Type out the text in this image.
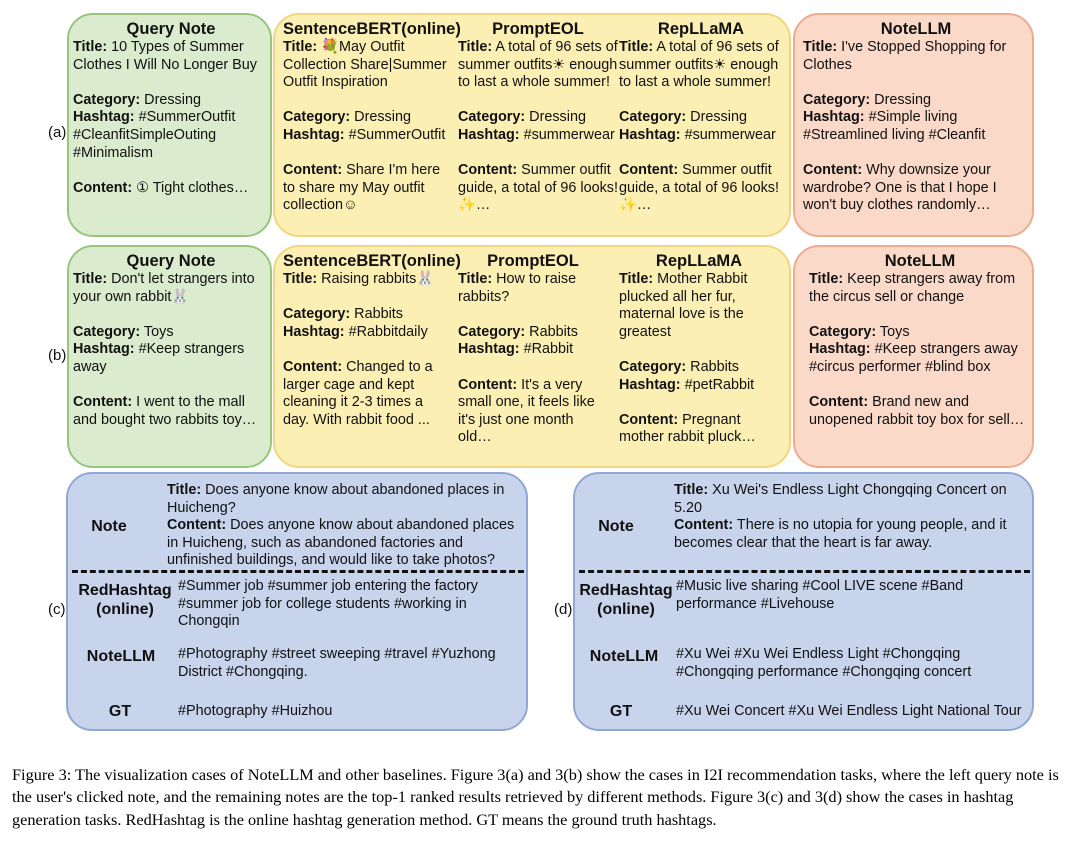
(a)
Query Note

Title: 10 Types of Summer Clothes I Will No Longer Buy

Category: Dressing

Hashtag: #SummerOutfit #CleanfitSimpleOuting #Minimalism

Content: ① Tight clothes…

SentenceBERT(online)

Title: 💐May Outfit Collection Share|Summer Outfit Inspiration

Category: Dressing

Hashtag: #SummerOutfit

Content: Share I'm here to share my May outfit collection☺

PromptEOL

Title: A total of 96 sets of summer outfits☀ enough to last a whole summer!

Category: Dressing

Hashtag: #summerwear

Content: Summer outfit guide, a total of 96 looks! ✨…

RepLLaMA

Title: A total of 96 sets of summer outfits☀ enough to last a whole summer!

Category: Dressing

Hashtag: #summerwear

Content: Summer outfit guide, a total of 96 looks! ✨…

NoteLLM

Title: I've Stopped Shopping for Clothes

Category: Dressing

Hashtag: #Simple living #Streamlined living #Cleanfit

Content: Why downsize your wardrobe? One is that I hope I won't buy clothes randomly…

(b)
Query Note

Title: Don't let strangers into your own rabbit🐰

Category: Toys

Hashtag: #Keep strangers away

Content: I went to the mall and bought two rabbits toy…

SentenceBERT(online)

Title: Raising rabbits🐰

Category: Rabbits

Hashtag: #Rabbitdaily

Content: Changed to a larger cage and kept cleaning it 2-3 times a day. With rabbit food ...

PromptEOL

Title: How to raise rabbits?

Category: Rabbits

Hashtag: #Rabbit

Content: It's a very small one, it feels like it's just one month old…

RepLLaMA

Title: Mother Rabbit plucked all her fur, maternal love is the greatest

Category: Rabbits

Hashtag: #petRabbit

Content: Pregnant mother rabbit pluck…

NoteLLM

Title: Keep strangers away from the circus sell or change

Category: Toys

Hashtag: #Keep strangers away #circus performer #blind box

Content: Brand new and unopened rabbit toy box for sell…

(c)
Note
Title: Does anyone know about abandoned places in Huicheng?
Content: Does anyone know about abandoned places in Huicheng, such as abandoned factories and unfinished buildings, and would like to take photos?
RedHashtag (online)
#Summer job #summer job entering the factory #summer job for college students #working in Chongqin
NoteLLM	#Photography #street sweeping #travel #Yuzhong District #Chongqing.
GT	#Photography #Huizhou
(d)
Note
Title: Xu Wei's Endless Light Chongqing Concert on 5.20
Content: There is no utopia for young people, and it becomes clear that the heart is far away.
RedHashtag (online)
#Music live sharing #Cool LIVE scene #Band performance #Livehouse
NoteLLM	#Xu Wei #Xu Wei Endless Light #Chongqing #Chongqing performance #Chongqing concert
GT	#Xu Wei Concert #Xu Wei Endless Light National Tour
Figure 3: The visualization cases of NoteLLM and other baselines. Figure 3(a) and 3(b) show the cases in I2I recommendation tasks, where the left query note is the user's clicked note, and the remaining notes are the top-1 ranked results retrieved by different methods. Figure 3(c) and 3(d) show the cases in hashtag generation tasks. RedHashtag is the online hashtag generation method. GT means the ground truth hashtags.
